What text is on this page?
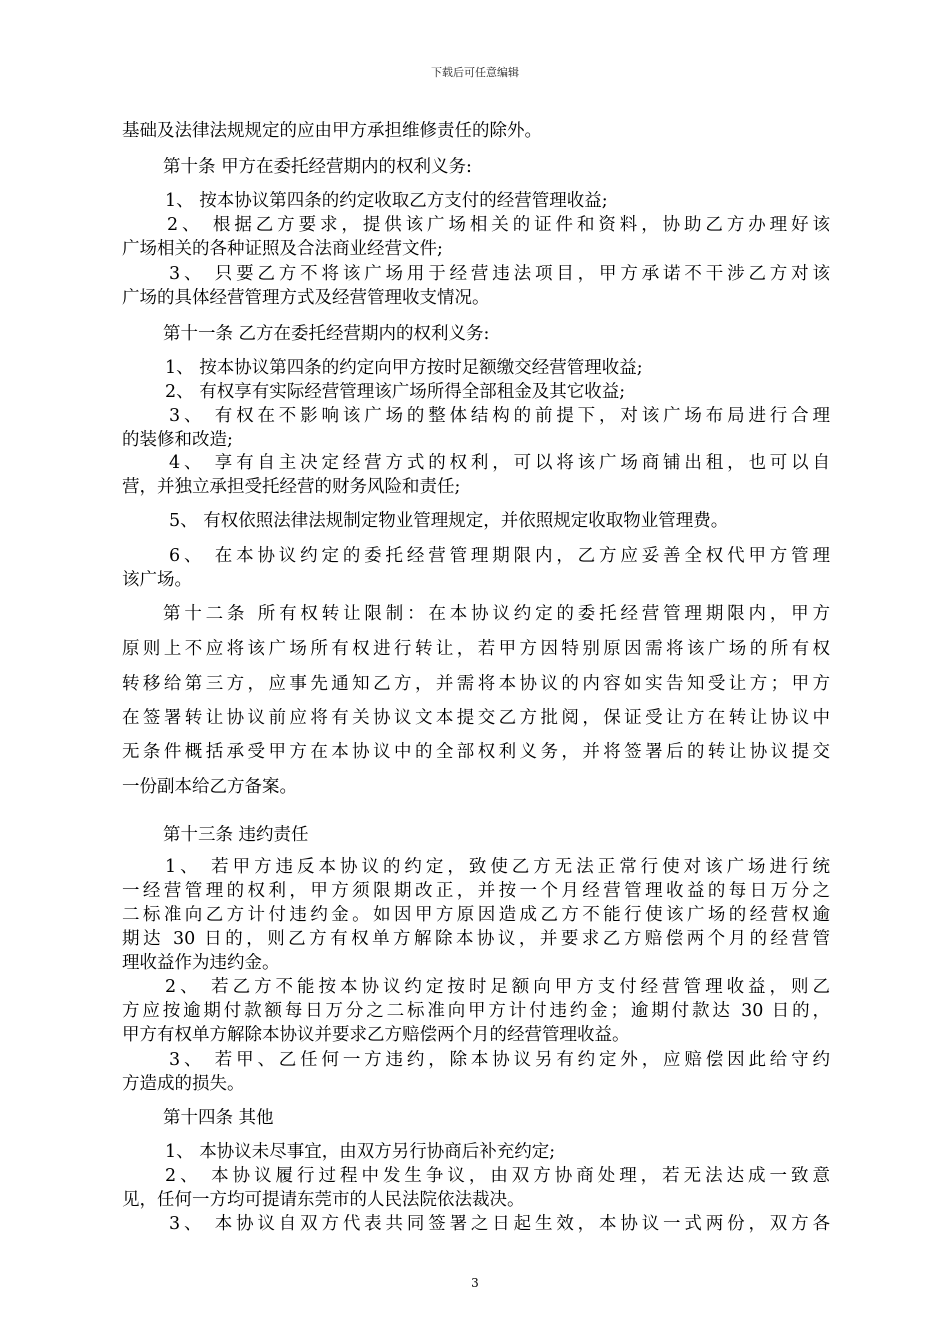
下载后可任意编辑
基础及法律法规规定的应由甲方承担维修责任的除外。
第十条 甲方在委托经营期内的权利义务:
1、 按本协议第四条的约定收取乙方支付的经营管理收益;
2、 根据乙方要求，提供该广场相关的证件和资料，协助乙方办理好该
广场相关的各种证照及合法商业经营文件;
3、 只要乙方不将该广场用于经营违法项目，甲方承诺不干涉乙方对该
广场的具体经营管理方式及经营管理收支情况。
第十一条 乙方在委托经营期内的权利义务:
1、 按本协议第四条的约定向甲方按时足额缴交经营管理收益;
2、 有权享有实际经营管理该广场所得全部租金及其它收益;
3、 有权在不影响该广场的整体结构的前提下，对该广场布局进行合理
的装修和改造;
4、 享有自主决定经营方式的权利，可以将该广场商铺出租，也可以自
营，并独立承担受托经营的财务风险和责任;
5、 有权依照法律法规制定物业管理规定，并依照规定收取物业管理费。
6、 在本协议约定的委托经营管理期限内，乙方应妥善全权代甲方管理
该广场。
第十二条 所有权转让限制：在本协议约定的委托经营管理期限内，甲方
原则上不应将该广场所有权进行转让，若甲方因特别原因需将该广场的所有权
转移给第三方，应事先通知乙方，并需将本协议的内容如实告知受让方；甲方
在签署转让协议前应将有关协议文本提交乙方批阅，保证受让方在转让协议中
无条件概括承受甲方在本协议中的全部权利义务，并将签署后的转让协议提交
一份副本给乙方备案。
第十三条 违约责任
1、 若甲方违反本协议的约定，致使乙方无法正常行使对该广场进行统
一经营管理的权利，甲方须限期改正，并按一个月经营管理收益的每日万分之
二标准向乙方计付违约金。如因甲方原因造成乙方不能行使该广场的经营权逾
期达 30 日的，则乙方有权单方解除本协议，并要求乙方赔偿两个月的经营管
理收益作为违约金。
2、 若乙方不能按本协议约定按时足额向甲方支付经营管理收益，则乙
方应按逾期付款额每日万分之二标准向甲方计付违约金；逾期付款达 30 日的，
甲方有权单方解除本协议并要求乙方赔偿两个月的经营管理收益。
3、 若甲、乙任何一方违约，除本协议另有约定外，应赔偿因此给守约
方造成的损失。
第十四条 其他
1、 本协议未尽事宜，由双方另行协商后补充约定;
2、 本协议履行过程中发生争议，由双方协商处理，若无法达成一致意
见，任何一方均可提请东莞市的人民法院依法裁决。
3、 本协议自双方代表共同签署之日起生效，本协议一式两份，双方各
3
